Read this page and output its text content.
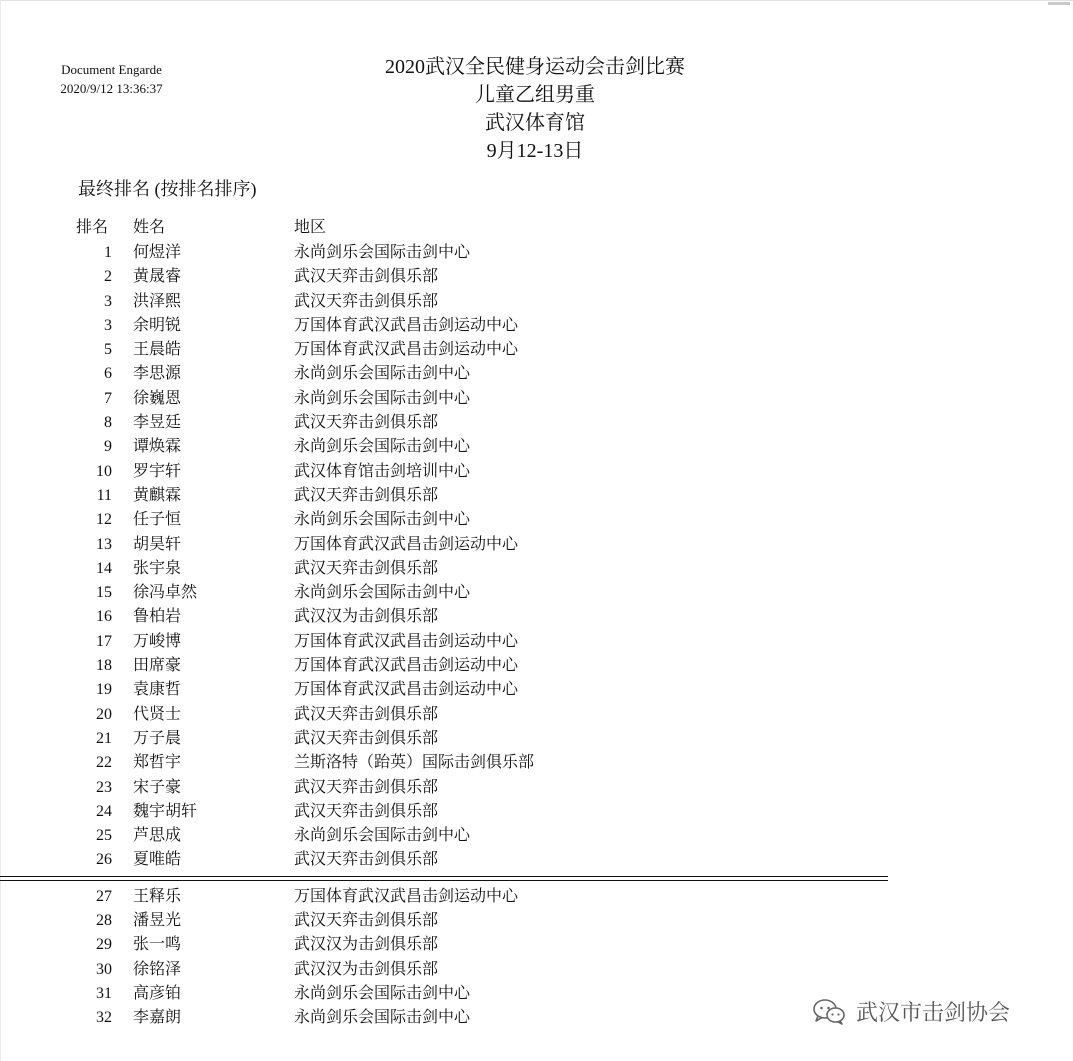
Document Engarde
2020/9/12 13:36:37
2020武汉全民健身运动会击剑比赛
儿童乙组男重
武汉体育馆
9月12-13日
最终排名 (按排名排序)
排名 姓名	地区
1 何煜洋	永尚剑乐会国际击剑中心
2 黄晟睿	武汉天弈击剑俱乐部
3 洪泽熙	武汉天弈击剑俱乐部
3 余明锐	万国体育武汉武昌击剑运动中心
5 王晨皓	万国体育武汉武昌击剑运动中心
6 李思源	永尚剑乐会国际击剑中心
7 徐巍恩	永尚剑乐会国际击剑中心
8 李昱廷	武汉天弈击剑俱乐部
9 谭焕霖	永尚剑乐会国际击剑中心
10 罗宇轩	武汉体育馆击剑培训中心
11 黄麒霖	武汉天弈击剑俱乐部
12 任子恒	永尚剑乐会国际击剑中心
13 胡昊轩	万国体育武汉武昌击剑运动中心
14 张宇泉	武汉天弈击剑俱乐部
15 徐冯卓然	永尚剑乐会国际击剑中心
16 鲁柏岩	武汉汉为击剑俱乐部
17 万峻博	万国体育武汉武昌击剑运动中心
18 田席豪	万国体育武汉武昌击剑运动中心
19 袁康哲	万国体育武汉武昌击剑运动中心
20 代贤士	武汉天弈击剑俱乐部
21 万子晨	武汉天弈击剑俱乐部
22 郑哲宇	兰斯洛特（跆英）国际击剑俱乐部
23 宋子豪	武汉天弈击剑俱乐部
24 魏宇胡轩	武汉天弈击剑俱乐部
25 芦思成	永尚剑乐会国际击剑中心
26 夏唯皓	武汉天弈击剑俱乐部
27 王释乐	万国体育武汉武昌击剑运动中心
28 潘昱光	武汉天弈击剑俱乐部
29 张一鸣	武汉汉为击剑俱乐部
30 徐铭泽	武汉汉为击剑俱乐部
31 高彦铂	永尚剑乐会国际击剑中心
32 李嘉朗	永尚剑乐会国际击剑中心	武汉市击剑协会
